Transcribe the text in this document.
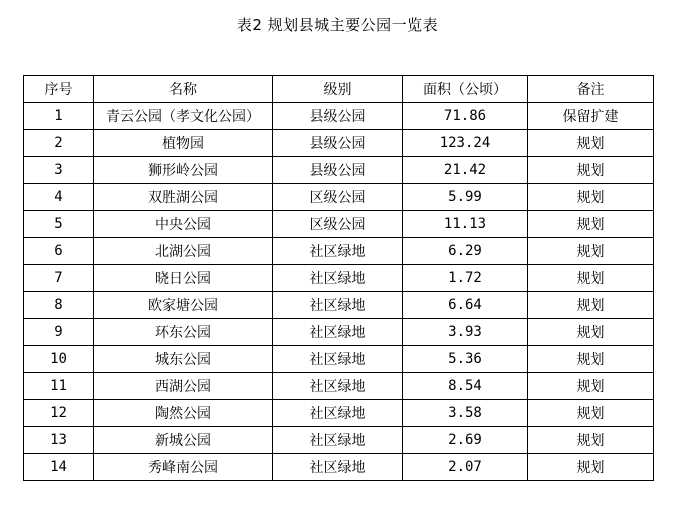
表2 规划县城主要公园一览表
序号	名称	级别	面积（公顷）	备注
1	青云公园（孝文化公园）	县级公园	71.86	保留扩建
2	植物园	县级公园	123.24	规划
3	狮形岭公园	县级公园	21.42	规划
4	双胜湖公园	区级公园	5.99	规划
5	中央公园	区级公园	11.13	规划
6	北湖公园	社区绿地	6.29	规划
7	晓日公园	社区绿地	1.72	规划
8	欧家塘公园	社区绿地	6.64	规划
9	环东公园	社区绿地	3.93	规划
10	城东公园	社区绿地	5.36	规划
11	西湖公园	社区绿地	8.54	规划
12	陶然公园	社区绿地	3.58	规划
13	新城公园	社区绿地	2.69	规划
14	秀峰南公园	社区绿地	2.07	规划
